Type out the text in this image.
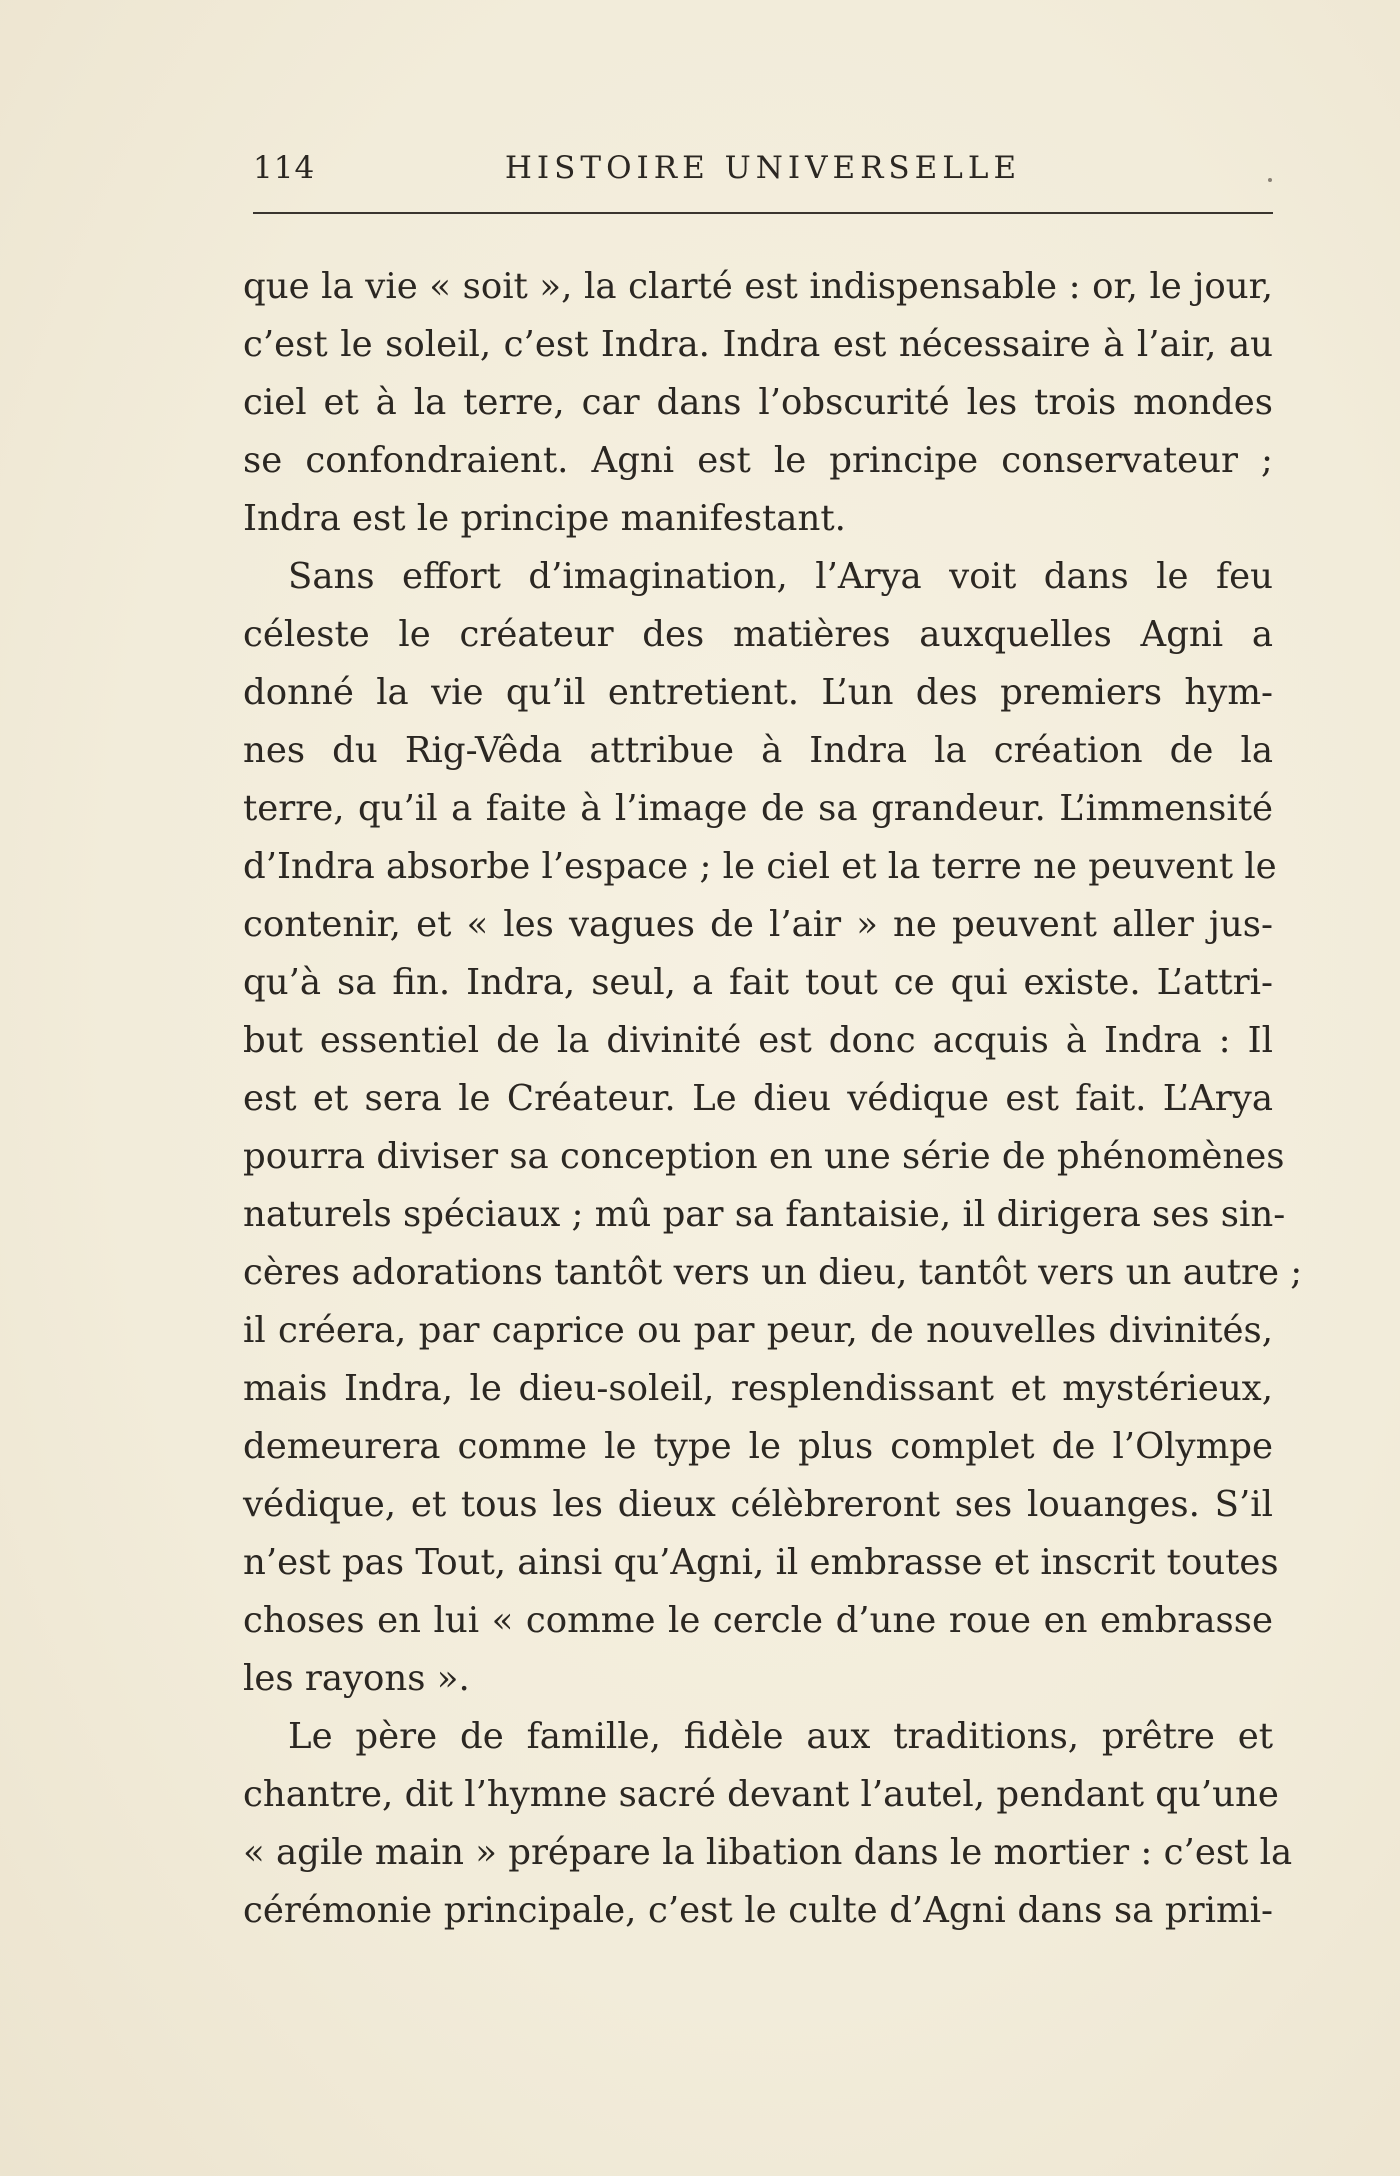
114	HISTOIRE UNIVERSELLE
que la vie « soit », la clarté est indispensable : or, le jour,
c’est le soleil, c’est Indra. Indra est nécessaire à l’air, au
ciel et à la terre, car dans l’obscurité les trois mondes
se confondraient. Agni est le principe conservateur ;
Indra est le principe manifestant.
Sans effort d’imagination, l’Arya voit dans le feu
céleste le créateur des matières auxquelles Agni a
donné la vie qu’il entretient. L’un des premiers hym-
nes du Rig-Vêda attribue à Indra la création de la
terre, qu’il a faite à l’image de sa grandeur. L’immensité
d’Indra absorbe l’espace ; le ciel et la terre ne peuvent le
contenir, et « les vagues de l’air » ne peuvent aller jus-
qu’à sa fin. Indra, seul, a fait tout ce qui existe. L’attri-
but essentiel de la divinité est donc acquis à Indra : Il
est et sera le Créateur. Le dieu védique est fait. L’Arya
pourra diviser sa conception en une série de phénomènes
naturels spéciaux ; mû par sa fantaisie, il dirigera ses sin-
cères adorations tantôt vers un dieu, tantôt vers un autre ;
il créera, par caprice ou par peur, de nouvelles divinités,
mais Indra, le dieu-soleil, resplendissant et mystérieux,
demeurera comme le type le plus complet de l’Olympe
védique, et tous les dieux célèbreront ses louanges. S’il
n’est pas Tout, ainsi qu’Agni, il embrasse et inscrit toutes
choses en lui « comme le cercle d’une roue en embrasse
les rayons ».
Le père de famille, fidèle aux traditions, prêtre et
chantre, dit l’hymne sacré devant l’autel, pendant qu’une
« agile main » prépare la libation dans le mortier : c’est la
cérémonie principale, c’est le culte d’Agni dans sa primi-
